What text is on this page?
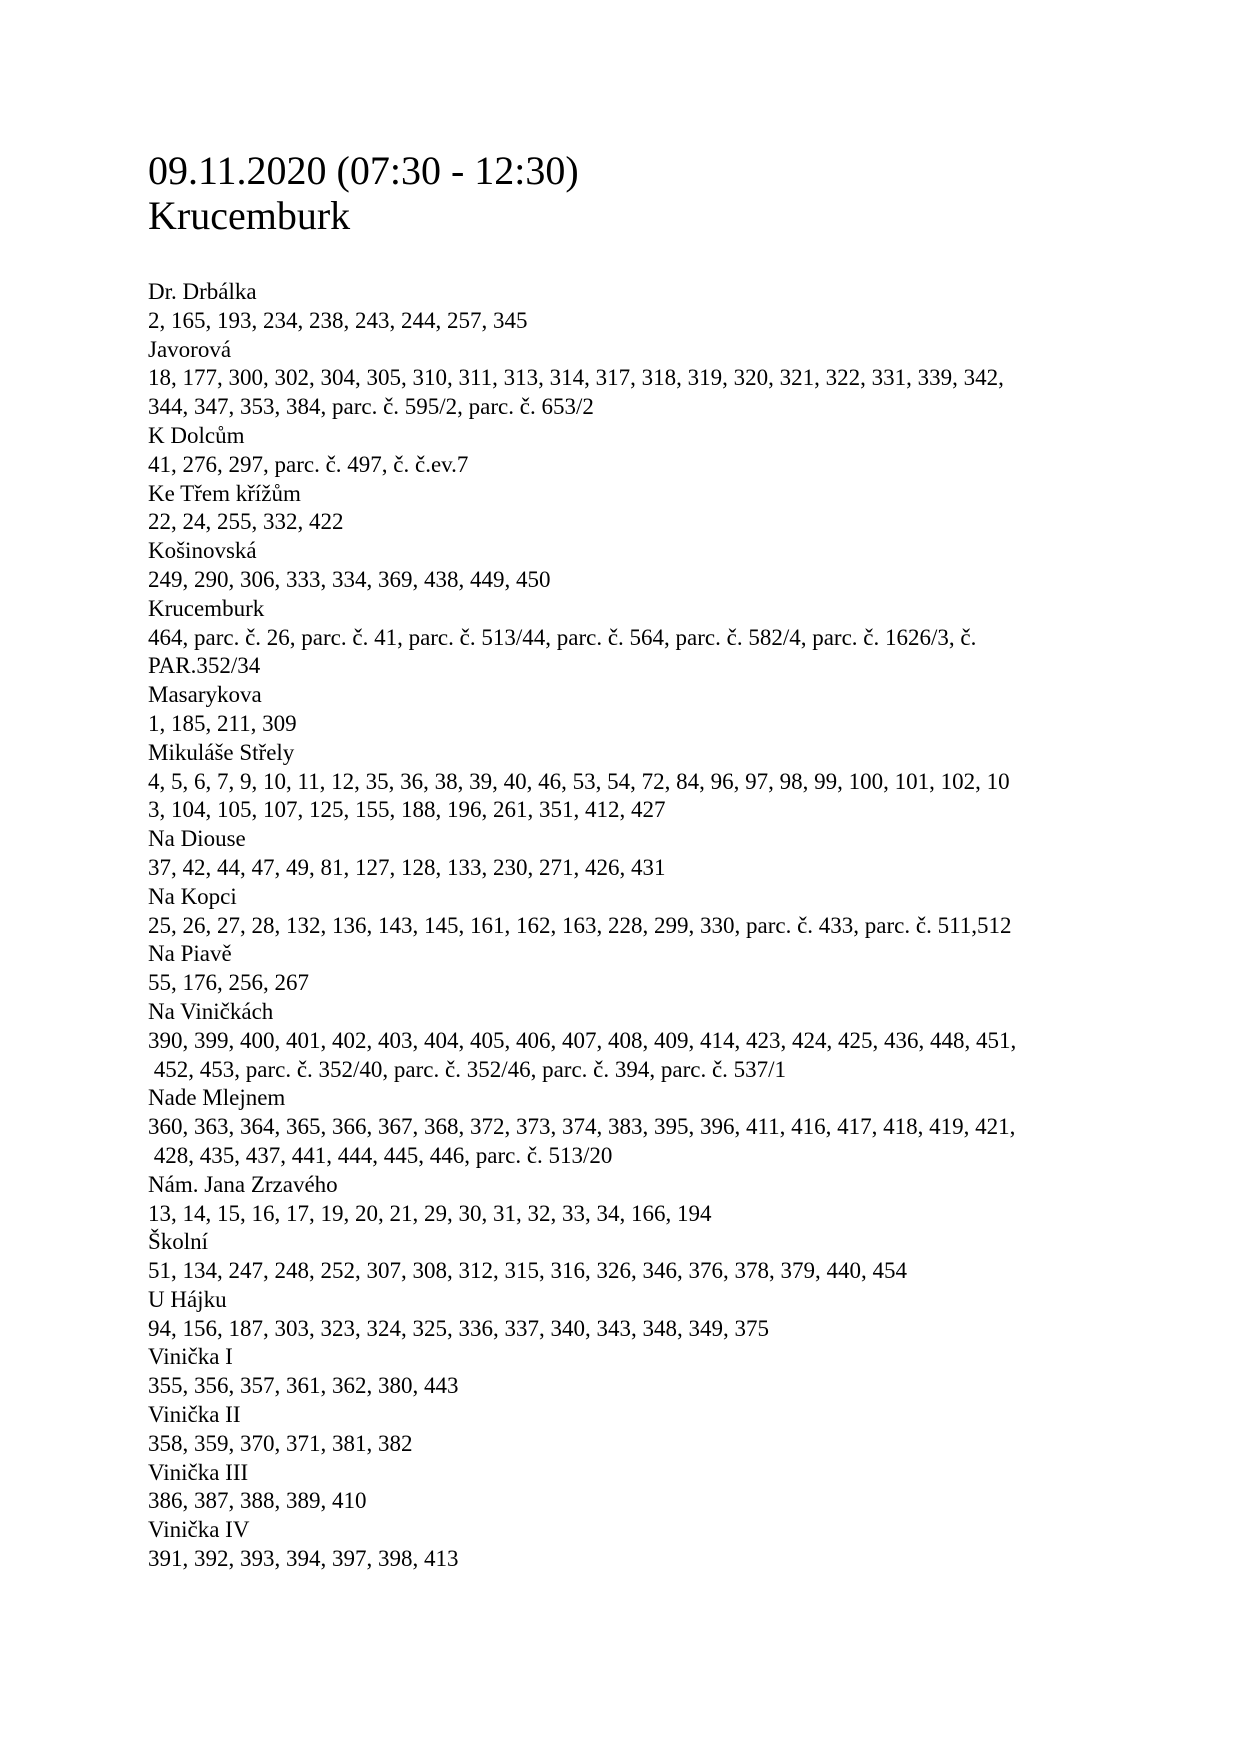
09.11.2020 (07:30 - 12:30)
Krucemburk
Dr. Drbálka
2, 165, 193, 234, 238, 243, 244, 257, 345
Javorová
18, 177, 300, 302, 304, 305, 310, 311, 313, 314, 317, 318, 319, 320, 321, 322, 331, 339, 342,
344, 347, 353, 384, parc. č. 595/2, parc. č. 653/2
K Dolcům
41, 276, 297, parc. č. 497, č. č.ev.7
Ke Třem křížům
22, 24, 255, 332, 422
Košinovská
249, 290, 306, 333, 334, 369, 438, 449, 450
Krucemburk
464, parc. č. 26, parc. č. 41, parc. č. 513/44, parc. č. 564, parc. č. 582/4, parc. č. 1626/3, č.
PAR.352/34
Masarykova
1, 185, 211, 309
Mikuláše Střely
4, 5, 6, 7, 9, 10, 11, 12, 35, 36, 38, 39, 40, 46, 53, 54, 72, 84, 96, 97, 98, 99, 100, 101, 102, 10
3, 104, 105, 107, 125, 155, 188, 196, 261, 351, 412, 427
Na Diouse
37, 42, 44, 47, 49, 81, 127, 128, 133, 230, 271, 426, 431
Na Kopci
25, 26, 27, 28, 132, 136, 143, 145, 161, 162, 163, 228, 299, 330, parc. č. 433, parc. č. 511,512
Na Piavě
55, 176, 256, 267
Na Viničkách
390, 399, 400, 401, 402, 403, 404, 405, 406, 407, 408, 409, 414, 423, 424, 425, 436, 448, 451,
452, 453, parc. č. 352/40, parc. č. 352/46, parc. č. 394, parc. č. 537/1
Nade Mlejnem
360, 363, 364, 365, 366, 367, 368, 372, 373, 374, 383, 395, 396, 411, 416, 417, 418, 419, 421,
428, 435, 437, 441, 444, 445, 446, parc. č. 513/20
Nám. Jana Zrzavého
13, 14, 15, 16, 17, 19, 20, 21, 29, 30, 31, 32, 33, 34, 166, 194
Školní
51, 134, 247, 248, 252, 307, 308, 312, 315, 316, 326, 346, 376, 378, 379, 440, 454
U Hájku
94, 156, 187, 303, 323, 324, 325, 336, 337, 340, 343, 348, 349, 375
Vinička I
355, 356, 357, 361, 362, 380, 443
Vinička II
358, 359, 370, 371, 381, 382
Vinička III
386, 387, 388, 389, 410
Vinička IV
391, 392, 393, 394, 397, 398, 413
